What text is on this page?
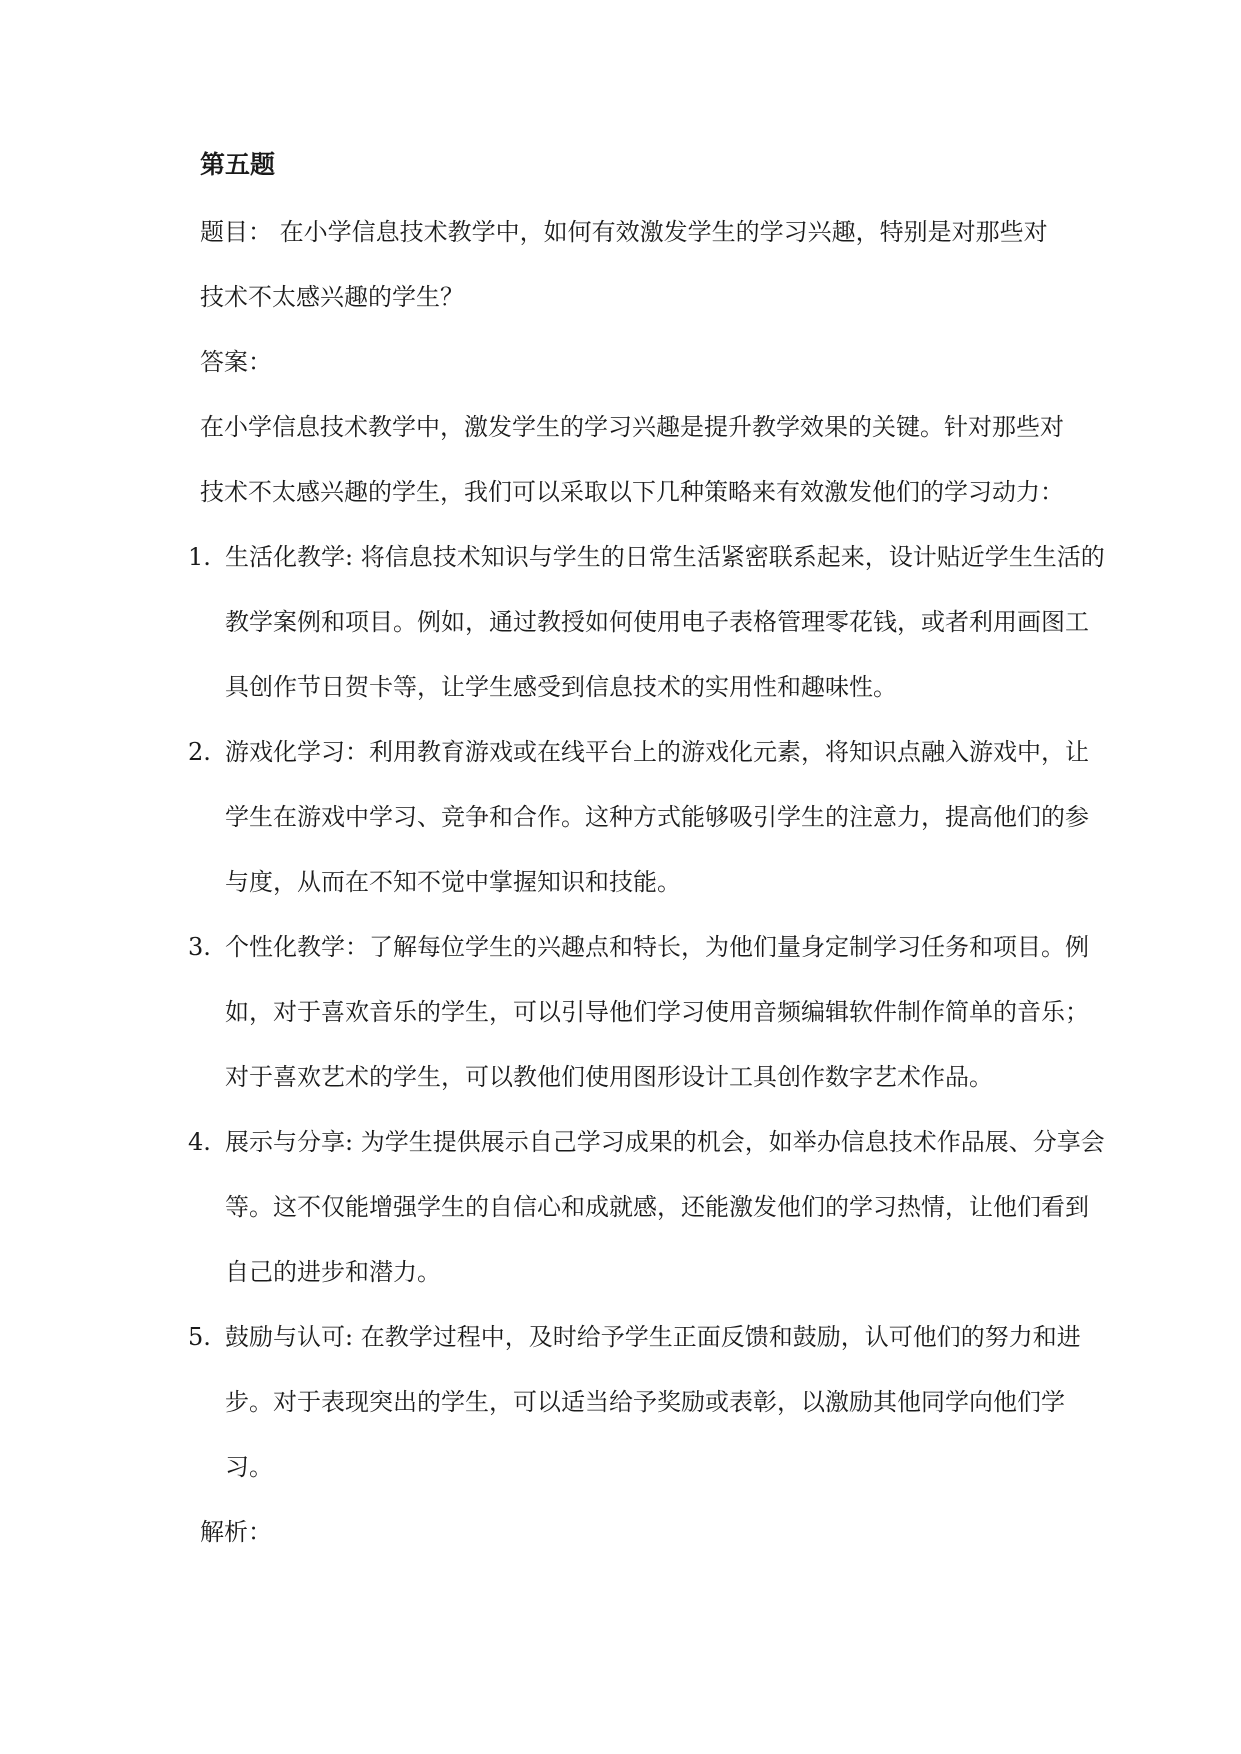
第五题
题目： 在小学信息技术教学中，如何有效激发学生的学习兴趣，特别是对那些对
技术不太感兴趣的学生？
答案：
在小学信息技术教学中，激发学生的学习兴趣是提升教学效果的关键。针对那些对
技术不太感兴趣的学生，我们可以采取以下几种策略来有效激发他们的学习动力：
1. 生活化教学: 将信息技术知识与学生的日常生活紧密联系起来，设计贴近学生生活的教学案例和项目。例如，通过教授如何使用电子表格管理零花钱，或者利用画图工具创作节日贺卡等，让学生感受到信息技术的实用性和趣味性。
2. 游戏化学习：利用教育游戏或在线平台上的游戏化元素，将知识点融入游戏中，让学生在游戏中学习、竞争和合作。这种方式能够吸引学生的注意力，提高他们的参与度，从而在不知不觉中掌握知识和技能。
3. 个性化教学：了解每位学生的兴趣点和特长，为他们量身定制学习任务和项目。例如，对于喜欢音乐的学生，可以引导他们学习使用音频编辑软件制作简单的音乐；对于喜欢艺术的学生，可以教他们使用图形设计工具创作数字艺术作品。
4. 展示与分享: 为学生提供展示自己学习成果的机会，如举办信息技术作品展、分享会等。这不仅能增强学生的自信心和成就感，还能激发他们的学习热情，让他们看到自己的进步和潜力。
5. 鼓励与认可: 在教学过程中，及时给予学生正面反馈和鼓励，认可他们的努力和进步。对于表现突出的学生，可以适当给予奖励或表彰，以激励其他同学向他们学习。
解析：
